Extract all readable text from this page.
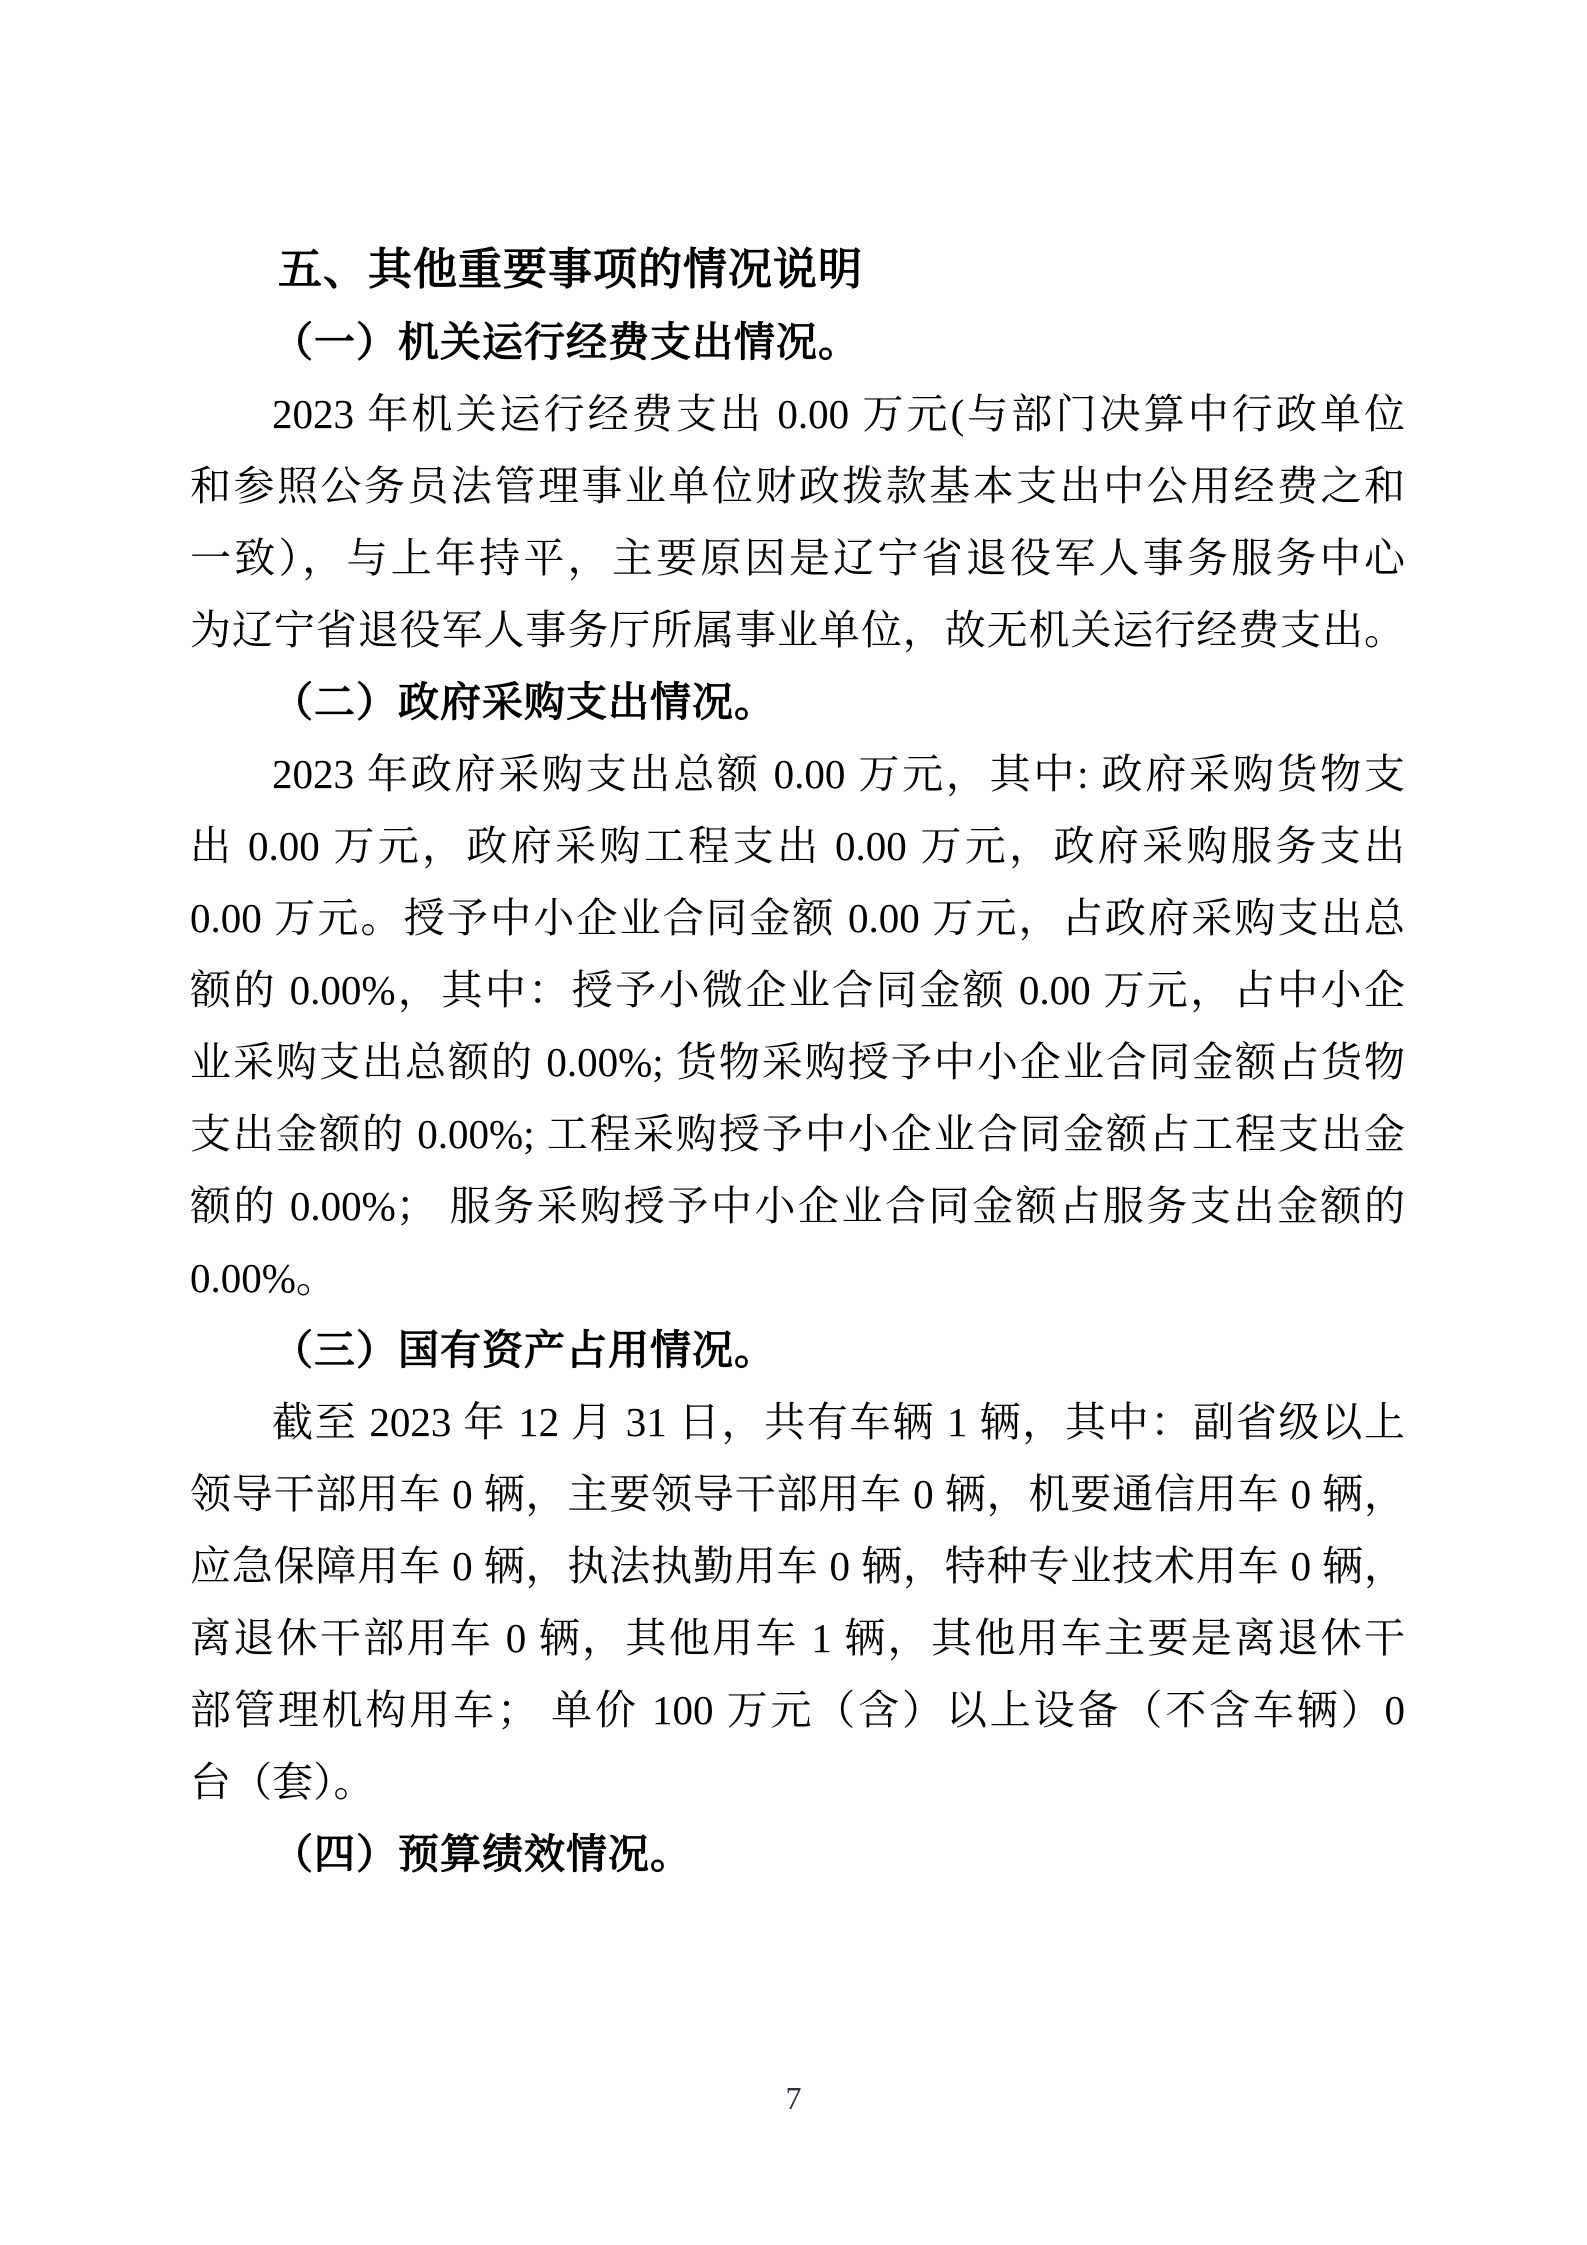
五、其他重要事项的情况说明
（一）机关运行经费支出情况。
2023 年机关运行经费支出 0.00 万元(与部门决算中行政单位
和参照公务员法管理事业单位财政拨款基本支出中公用经费之和
一致），与上年持平，主要原因是辽宁省退役军人事务服务中心
为辽宁省退役军人事务厅所属事业单位，故无机关运行经费支出。
（二）政府采购支出情况。
2023 年政府采购支出总额 0.00 万元，其中: 政府采购货物支
出 0.00 万元，政府采购工程支出 0.00 万元，政府采购服务支出
0.00 万元。授予中小企业合同金额 0.00 万元，占政府采购支出总
额的 0.00%，其中：授予小微企业合同金额 0.00 万元，占中小企
业采购支出总额的 0.00%; 货物采购授予中小企业合同金额占货物
支出金额的 0.00%; 工程采购授予中小企业合同金额占工程支出金
额的 0.00%； 服务采购授予中小企业合同金额占服务支出金额的
0.00%。
（三）国有资产占用情况。
截至 2023 年 12 月 31 日，共有车辆 1 辆，其中：副省级以上
领导干部用车 0 辆，主要领导干部用车 0 辆，机要通信用车 0 辆，
应急保障用车 0 辆，执法执勤用车 0 辆，特种专业技术用车 0 辆，
离退休干部用车 0 辆，其他用车 1 辆，其他用车主要是离退休干
部管理机构用车； 单价 100 万元（含）以上设备（不含车辆）0
台（套）。
（四）预算绩效情况。
7
